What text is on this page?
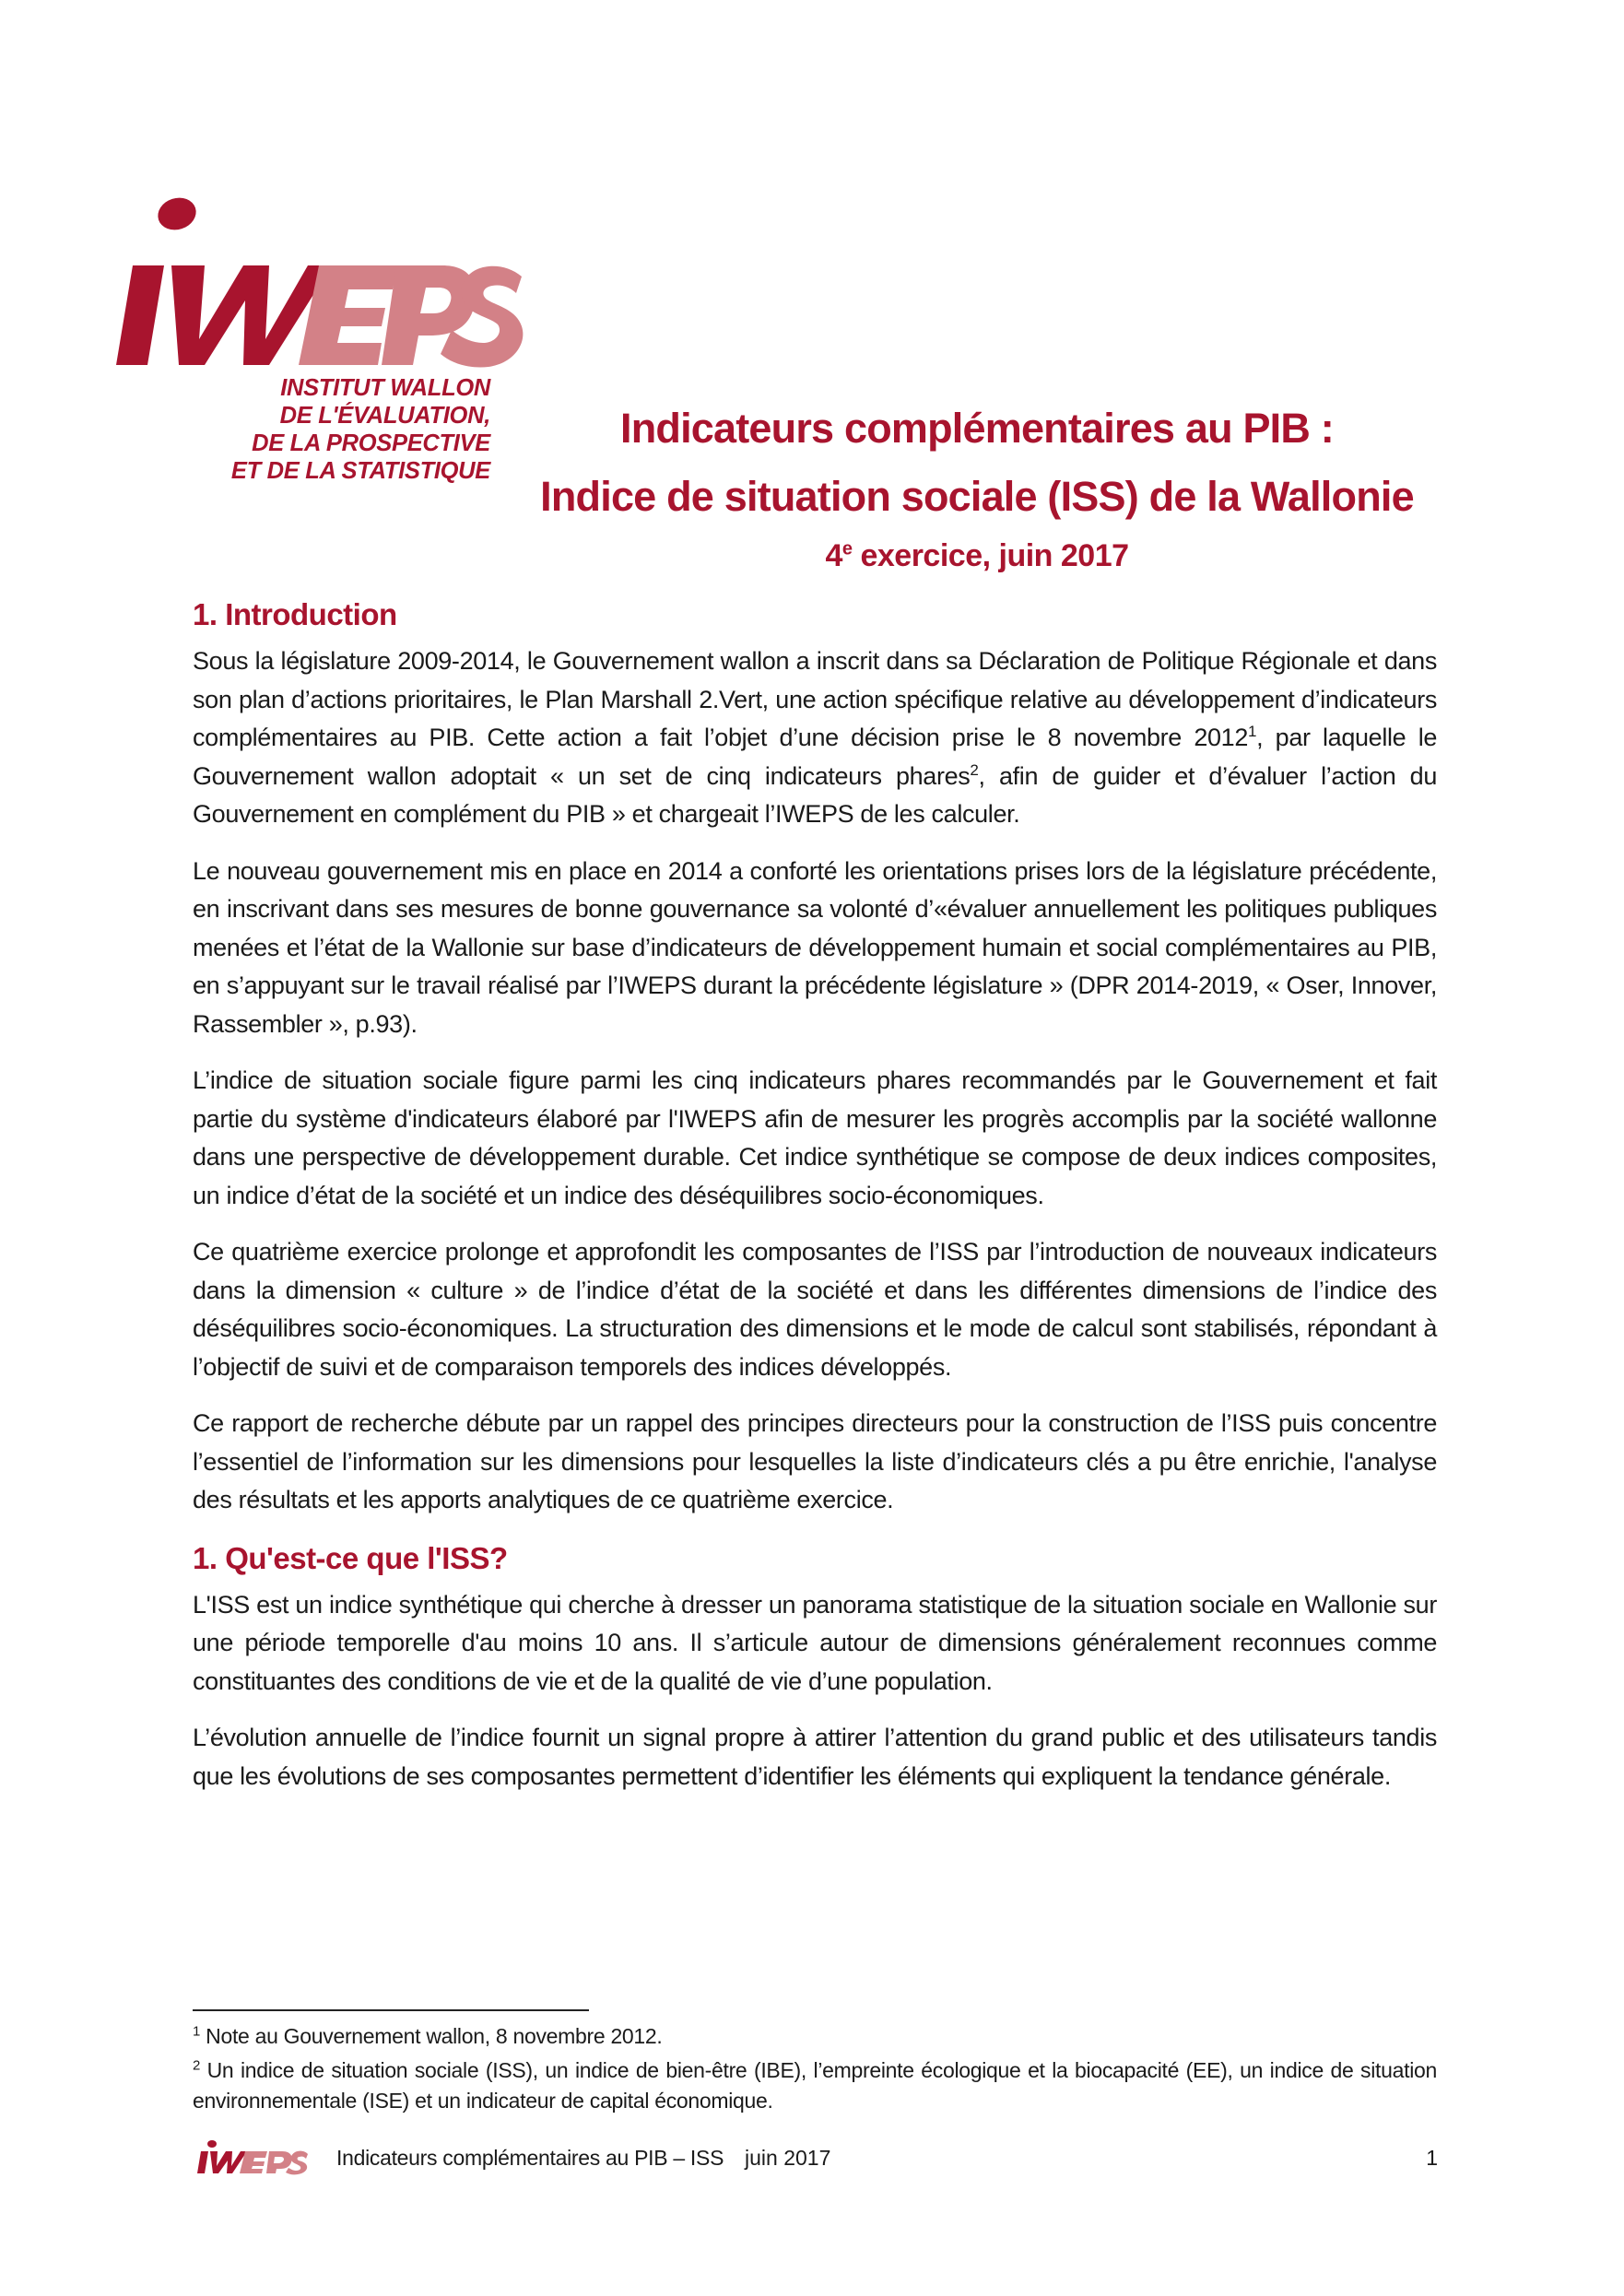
INSTITUT WALLON
DE L'ÉVALUATION,
DE LA PROSPECTIVE
ET DE LA STATISTIQUE
Indicateurs complémentaires au PIB :
Indice de situation sociale (ISS) de la Wallonie
4e exercice, juin 2017
1. Introduction

Sous la législature 2009-2014, le Gouvernement wallon a inscrit dans sa Déclaration de Politique Régionale et dans son plan d’actions prioritaires, le Plan Marshall 2.Vert, une action spécifique relative au développement d’indicateurs complémentaires au PIB. Cette action a fait l’objet d’une décision prise le 8 novembre 2012$^1$, par laquelle le Gouvernement wallon adoptait « un set de cinq indicateurs phares$^2$, afin de guider et d’évaluer l’action du Gouvernement en complément du PIB » et chargeait l’IWEPS de les calculer.

Le nouveau gouvernement mis en place en 2014 a conforté les orientations prises lors de la législature précédente, en inscrivant dans ses mesures de bonne gouvernance sa volonté d’«évaluer annuellement les politiques publiques menées et l’état de la Wallonie sur base d’indicateurs de développement humain et social complémentaires au PIB, en s’appuyant sur le travail réalisé par l’IWEPS durant la précédente législature » (DPR 2014-2019, « Oser, Innover, Rassembler », p.93).

L’indice de situation sociale figure parmi les cinq indicateurs phares recommandés par le Gouvernement et fait partie du système d'indicateurs élaboré par l'IWEPS afin de mesurer les progrès accomplis par la société wallonne dans une perspective de développement durable. Cet indice synthétique se compose de deux indices composites, un indice d’état de la société et un indice des déséquilibres socio-économiques.

Ce quatrième exercice prolonge et approfondit les composantes de l’ISS par l’introduction de nouveaux indicateurs dans la dimension « culture » de l’indice d’état de la société et dans les différentes dimensions de l’indice des déséquilibres socio-économiques. La structuration des dimensions et le mode de calcul sont stabilisés, répondant à l’objectif de suivi et de comparaison temporels des indices développés.

Ce rapport de recherche débute par un rappel des principes directeurs pour la construction de l’ISS puis concentre l’essentiel de l’information sur les dimensions pour lesquelles la liste d’indicateurs clés a pu être enrichie, l'analyse des résultats et les apports analytiques de ce quatrième exercice.

1. Qu'est-ce que l'ISS?

L'ISS est un indice synthétique qui cherche à dresser un panorama statistique de la situation sociale en Wallonie sur une période temporelle d'au moins 10 ans. Il s’articule autour de dimensions généralement reconnues comme constituantes des conditions de vie et de la qualité de vie d’une population.

L’évolution annuelle de l’indice fournit un signal propre à attirer l’attention du grand public et des utilisateurs tandis que les évolutions de ses composantes permettent d’identifier les éléments qui expliquent la tendance générale.

$^1$ Note au Gouvernement wallon, 8 novembre 2012.

$^2$ Un indice de situation sociale (ISS), un indice de bien-être (IBE), l’empreinte écologique et la biocapacité (EE), un indice de situation environnementale (ISE) et un indicateur de capital économique.

Indicateurs complémentaires au PIB – ISS juin 2017	1
